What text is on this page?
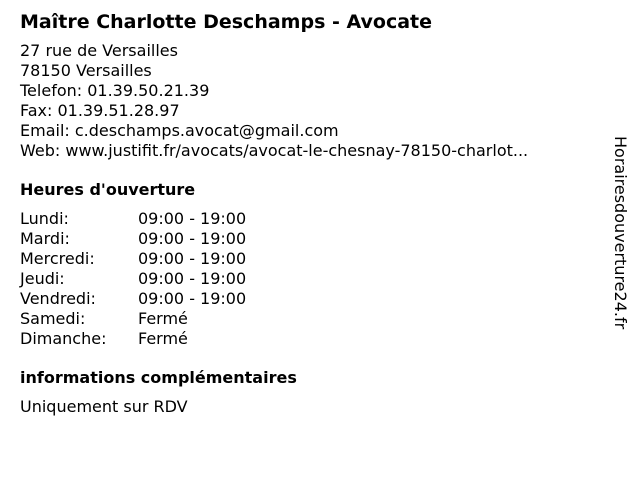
Maître Charlotte Deschamps - Avocate
27 rue de Versailles
78150 Versailles
Telefon: 01.39.50.21.39
Fax: 01.39.51.28.97
Email: c.deschamps.avocat@gmail.com
Web: www.justifit.fr/avocats/avocat-le-chesnay-78150-charlot...
Heures d'ouverture
Lundi:	09:00 - 19:00
Mardi:	09:00 - 19:00
Mercredi:	09:00 - 19:00
Jeudi:	09:00 - 19:00
Vendredi:	09:00 - 19:00
Samedi:	Fermé
Dimanche:	Fermé
informations complémentaires
Uniquement sur RDV
Horairesdouverture24.fr
